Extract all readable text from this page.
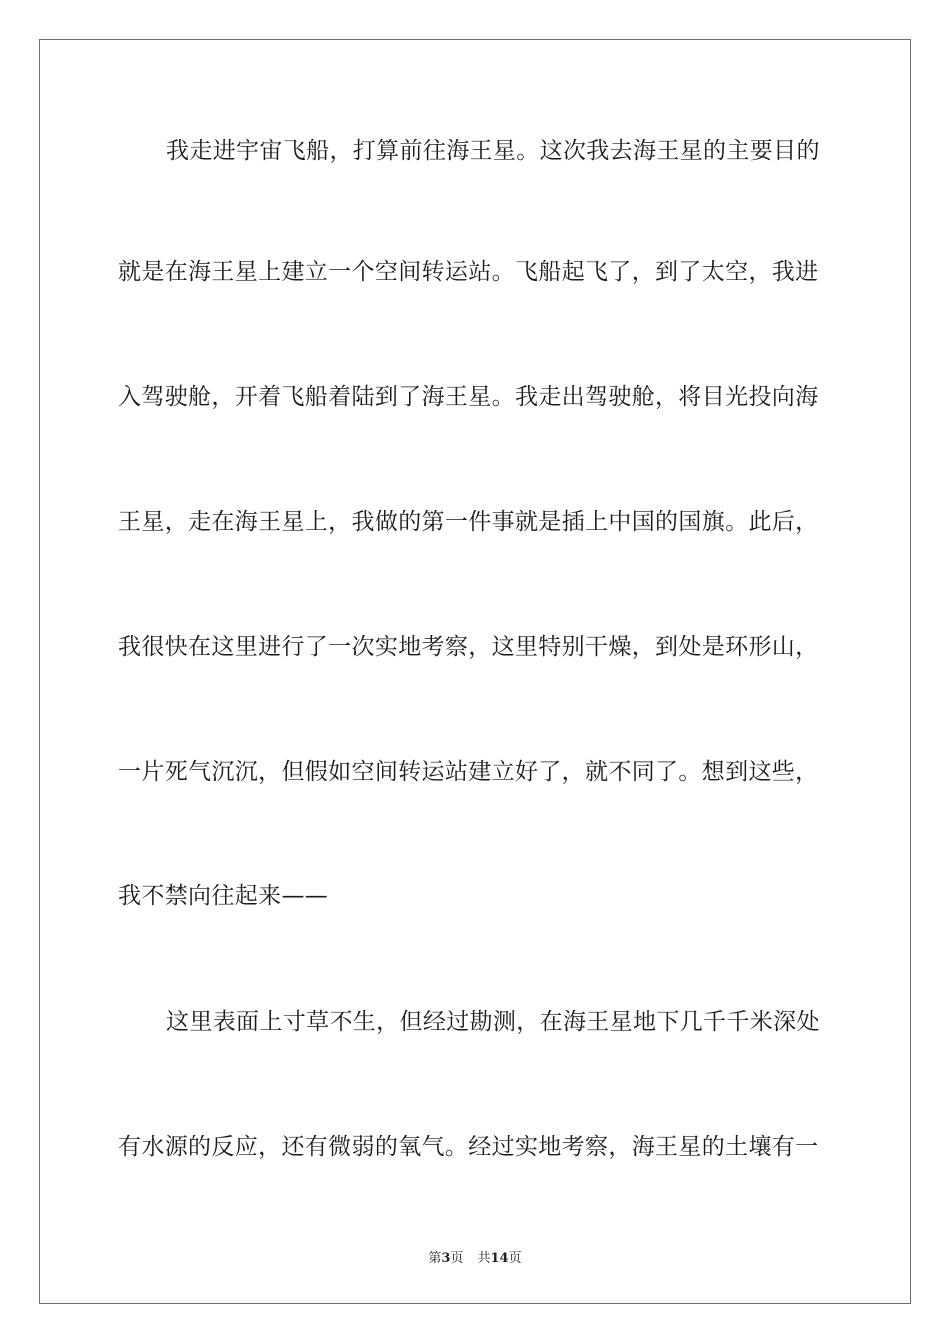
我走进宇宙飞船，打算前往海王星。这次我去海王星的主要目的
就是在海王星上建立一个空间转运站。飞船起飞了，到了太空，我进
入驾驶舱，开着飞船着陆到了海王星。我走出驾驶舱，将目光投向海
王星，走在海王星上，我做的第一件事就是插上中国的国旗。此后，
我很快在这里进行了一次实地考察，这里特别干燥，到处是环形山，
一片死气沉沉，但假如空间转运站建立好了，就不同了。想到这些，
我不禁向往起来——
这里表面上寸草不生，但经过勘测，在海王星地下几千千米深处
有水源的反应，还有微弱的氧气。经过实地考察，海王星的土壤有一
第3页 共14页
